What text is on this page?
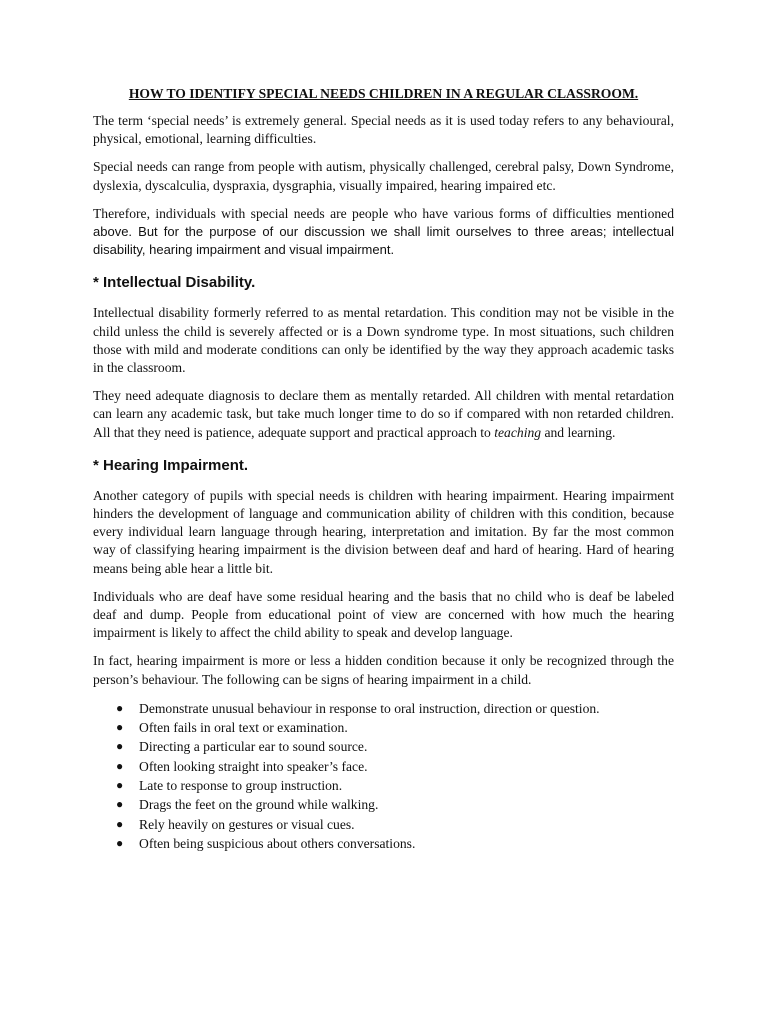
HOW TO IDENTIFY SPECIAL NEEDS CHILDREN IN A REGULAR CLASSROOM.

The term ‘special needs’ is extremely general. Special needs as it is used today refers to any behavioural, physical, emotional, learning difficulties.

Special needs can range from people with autism, physically challenged, cerebral palsy, Down Syndrome, dyslexia, dyscalculia, dyspraxia, dysgraphia, visually impaired, hearing impaired etc.

Therefore, individuals with special needs are people who have various forms of difficulties mentioned above. But for the purpose of our discussion we shall limit ourselves to three areas; intellectual disability, hearing impairment and visual impairment.

* Intellectual Disability.

Intellectual disability formerly referred to as mental retardation. This condition may not be visible in the child unless the child is severely affected or is a Down syndrome type. In most situations, such children those with mild and moderate conditions can only be identified by the way they approach academic tasks in the classroom.

They need adequate diagnosis to declare them as mentally retarded. All children with mental retardation can learn any academic task, but take much longer time to do so if compared with non retarded children. All that they need is patience, adequate support and practical approach to teaching and learning.

* Hearing Impairment.

Another category of pupils with special needs is children with hearing impairment. Hearing impairment hinders the development of language and communication ability of children with this condition, because every individual learn language through hearing, interpretation and imitation. By far the most common way of classifying hearing impairment is the division between deaf and hard of hearing. Hard of hearing means being able hear a little bit.

Individuals who are deaf have some residual hearing and the basis that no child who is deaf be labeled deaf and dump. People from educational point of view are concerned with how much the hearing impairment is likely to affect the child ability to speak and develop language.

In fact, hearing impairment is more or less a hidden condition because it only be recognized through the person’s behaviour. The following can be signs of hearing impairment in a child.

● Demonstrate unusual behaviour in response to oral instruction, direction or question.
● Often fails in oral text or examination.
● Directing a particular ear to sound source.
● Often looking straight into speaker’s face.
● Late to response to group instruction.
● Drags the feet on the ground while walking.
● Rely heavily on gestures or visual cues.
● Often being suspicious about others conversations.
